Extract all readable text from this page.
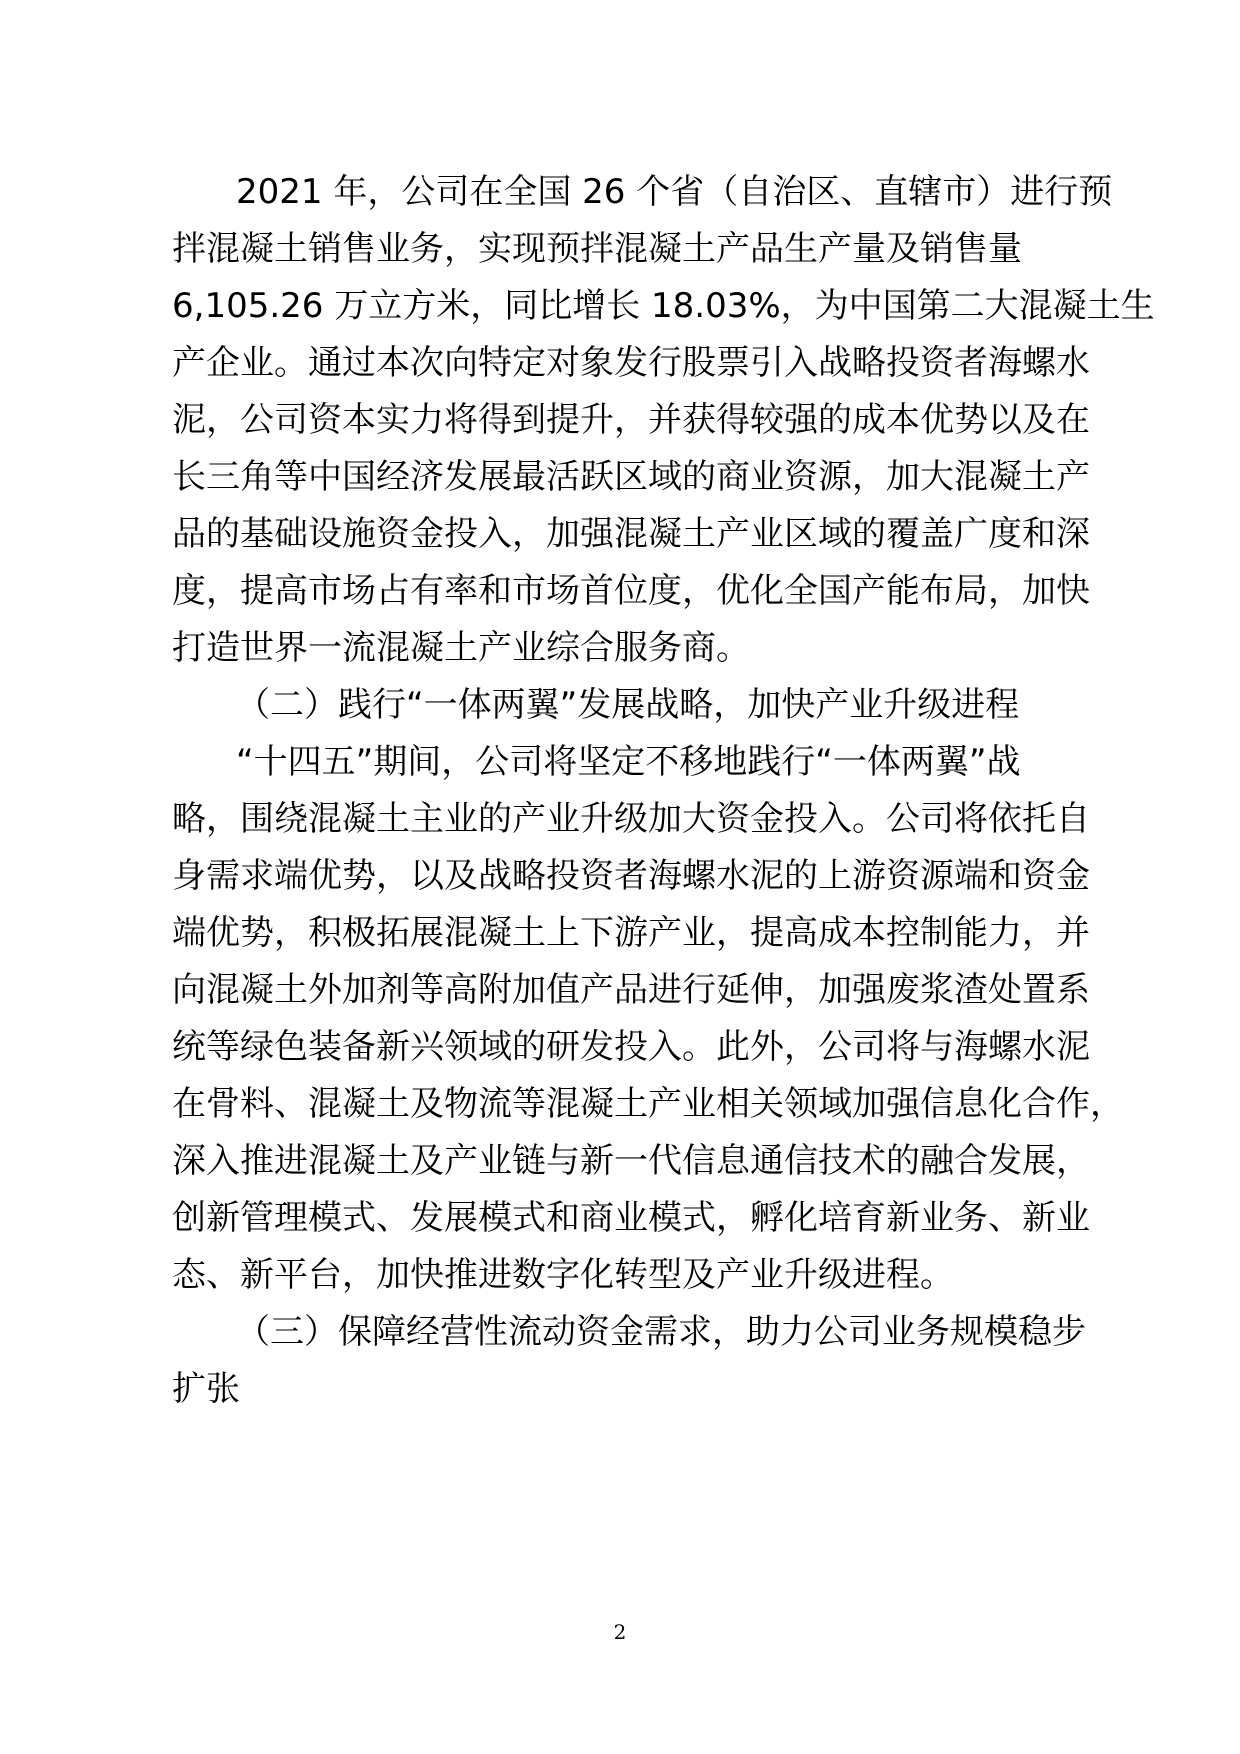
2021 年，公司在全国 26 个省（自治区、直辖市）进行预
拌混凝土销售业务，实现预拌混凝土产品生产量及销售量
6,105.26 万立方米，同比增长 18.03%，为中国第二大混凝土生
产企业。通过本次向特定对象发行股票引入战略投资者海螺水
泥，公司资本实力将得到提升，并获得较强的成本优势以及在
长三角等中国经济发展最活跃区域的商业资源，加大混凝土产
品的基础设施资金投入，加强混凝土产业区域的覆盖广度和深
度，提高市场占有率和市场首位度，优化全国产能布局，加快
打造世界一流混凝土产业综合服务商。
（二）践行“一体两翼”发展战略，加快产业升级进程
“十四五”期间，公司将坚定不移地践行“一体两翼”战
略，围绕混凝土主业的产业升级加大资金投入。公司将依托自
身需求端优势，以及战略投资者海螺水泥的上游资源端和资金
端优势，积极拓展混凝土上下游产业，提高成本控制能力，并
向混凝土外加剂等高附加值产品进行延伸，加强废浆渣处置系
统等绿色装备新兴领域的研发投入。此外，公司将与海螺水泥
在骨料、混凝土及物流等混凝土产业相关领域加强信息化合作，
深入推进混凝土及产业链与新一代信息通信技术的融合发展，
创新管理模式、发展模式和商业模式，孵化培育新业务、新业
态、新平台，加快推进数字化转型及产业升级进程。
（三）保障经营性流动资金需求，助力公司业务规模稳步
扩张
2
